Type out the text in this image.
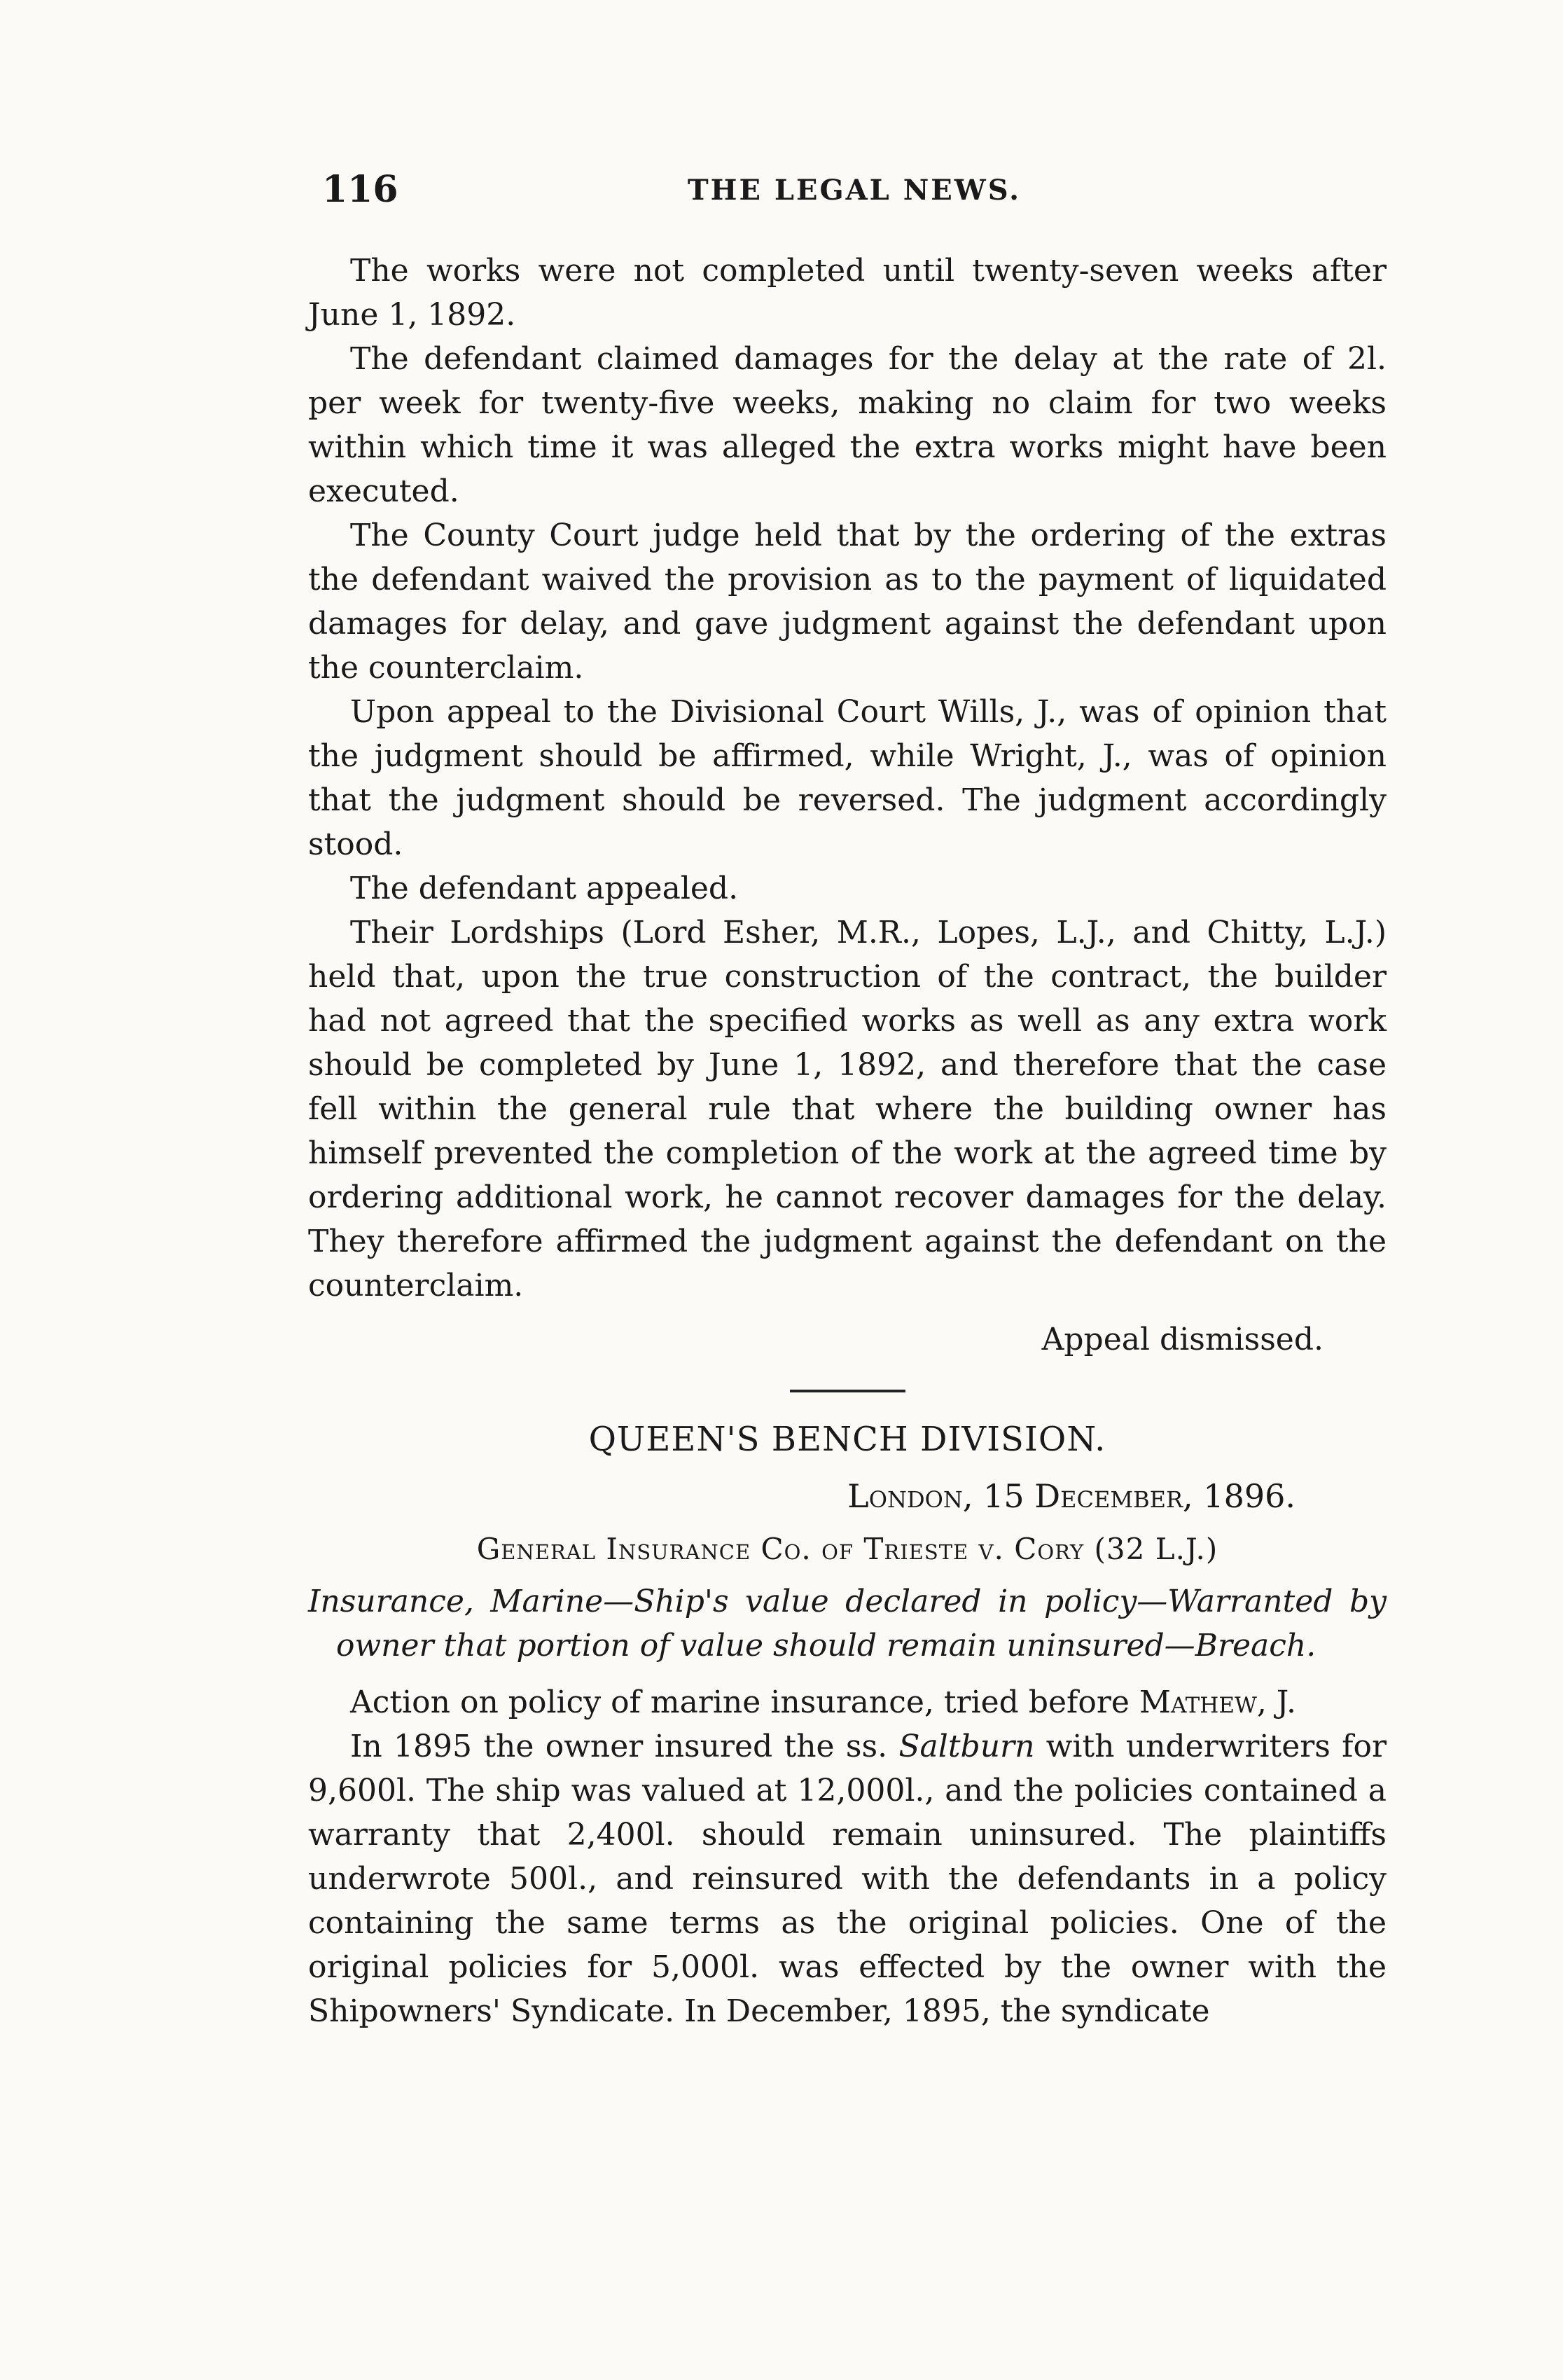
116	THE LEGAL NEWS.

The works were not completed until twenty-seven weeks after June 1, 1892.

The defendant claimed damages for the delay at the rate of 2l. per week for twenty-five weeks, making no claim for two weeks within which time it was alleged the extra works might have been executed.

The County Court judge held that by the ordering of the extras the defendant waived the provision as to the payment of liquidated damages for delay, and gave judgment against the defendant upon the counterclaim.

Upon appeal to the Divisional Court Wills, J., was of opinion that the judgment should be affirmed, while Wright, J., was of opinion that the judgment should be reversed. The judgment accordingly stood.

The defendant appealed.

Their Lordships (Lord Esher, M.R., Lopes, L.J., and Chitty, L.J.) held that, upon the true construction of the contract, the builder had not agreed that the specified works as well as any extra work should be completed by June 1, 1892, and therefore that the case fell within the general rule that where the building owner has himself prevented the completion of the work at the agreed time by ordering additional work, he cannot recover damages for the delay. They therefore affirmed the judgment against the defendant on the counterclaim.

Appeal dismissed.

QUEEN'S BENCH DIVISION.

London, 15 December, 1896.

General Insurance Co. of Trieste v. Cory (32 L.J.)

Insurance, Marine—Ship's value declared in policy—Warranted by owner that portion of value should remain uninsured—Breach.

Action on policy of marine insurance, tried before Mathew, J.

In 1895 the owner insured the ss. Saltburn with underwriters for 9,600l. The ship was valued at 12,000l., and the policies contained a warranty that 2,400l. should remain uninsured. The plaintiffs underwrote 500l., and reinsured with the defendants in a policy containing the same terms as the original policies. One of the original policies for 5,000l. was effected by the owner with the Shipowners' Syndicate. In December, 1895, the syndicate
